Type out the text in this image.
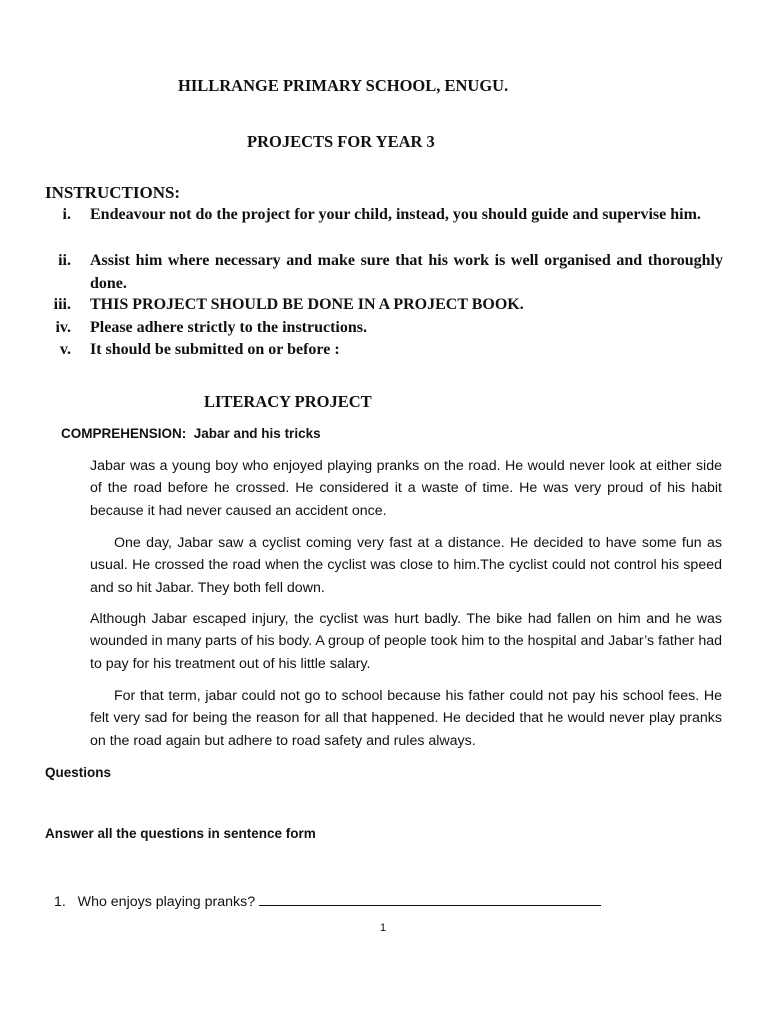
HILLRANGE PRIMARY SCHOOL, ENUGU.
PROJECTS FOR YEAR 3
INSTRUCTIONS:
i. Endeavour not do the project for your child, instead, you should guide and supervise him.
ii. Assist him where necessary and make sure that his work is well organised and thoroughly done.
iii. THIS PROJECT SHOULD BE DONE IN A PROJECT BOOK.
iv. Please adhere strictly to the instructions.
v. It should be submitted on or before :
LITERACY PROJECT
COMPREHENSION: Jabar and his tricks

Jabar was a young boy who enjoyed playing pranks on the road. He would never look at either side of the road before he crossed. He considered it a waste of time. He was very proud of his habit because it had never caused an accident once.

One day, Jabar saw a cyclist coming very fast at a distance. He decided to have some fun as usual. He crossed the road when the cyclist was close to him.The cyclist could not control his speed and so hit Jabar. They both fell down.

Although Jabar escaped injury, the cyclist was hurt badly. The bike had fallen on him and he was wounded in many parts of his body. A group of people took him to the hospital and Jabar’s father had to pay for his treatment out of his little salary.

For that term, jabar could not go to school because his father could not pay his school fees. He felt very sad for being the reason for all that happened. He decided that he would never play pranks on the road again but adhere to road safety and rules always.

Questions
Answer all the questions in sentence form
1. Who enjoys playing pranks?
1
